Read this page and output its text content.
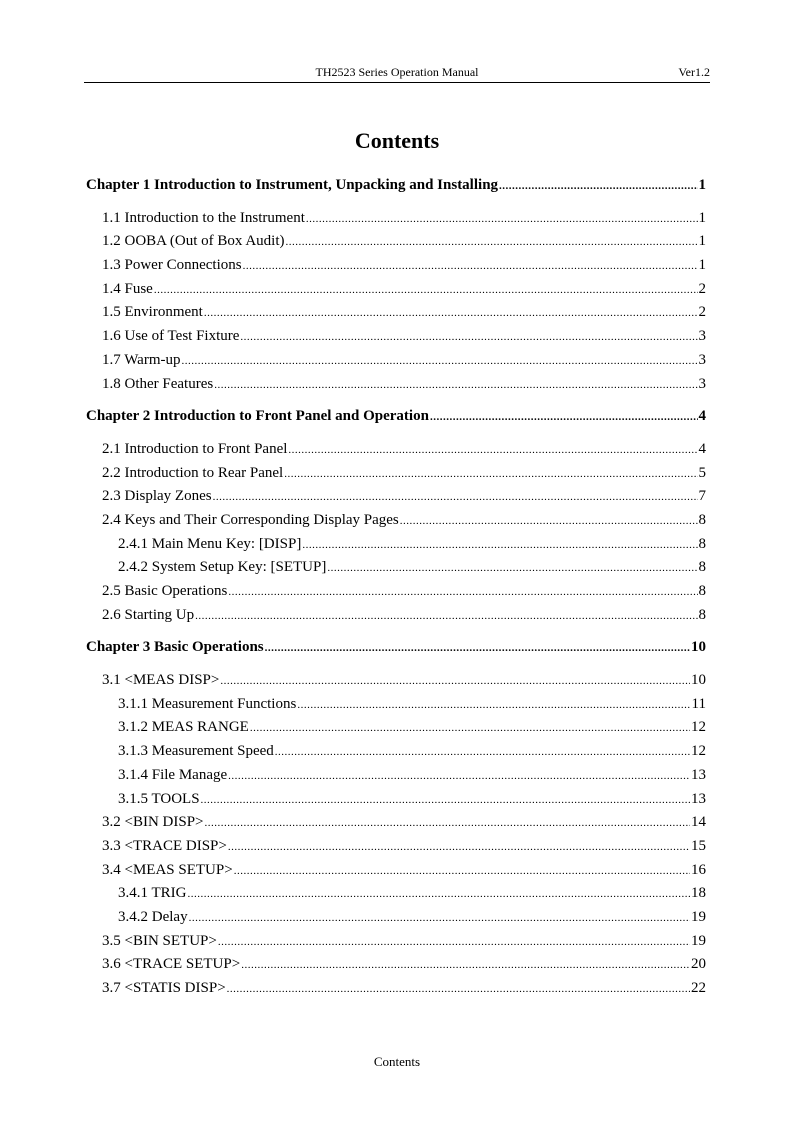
TH2523 Series Operation Manual	Ver1.2
Contents
Chapter 1 Introduction to Instrument, Unpacking and Installing .....	1
1.1 Introduction to the Instrument .....	1
1.2 OOBA (Out of Box Audit) .....	1
1.3 Power Connections .....	1
1.4 Fuse .....	2
1.5 Environment .....	2
1.6 Use of Test Fixture .....	3
1.7 Warm-up .....	3
1.8 Other Features .....	3
Chapter 2 Introduction to Front Panel and Operation .....	4
2.1 Introduction to Front Panel .....	4
2.2 Introduction to Rear Panel .....	5
2.3 Display Zones .....	7
2.4 Keys and Their Corresponding Display Pages .....	8
2.4.1 Main Menu Key: [DISP] .....	8
2.4.2 System Setup Key: [SETUP] .....	8
2.5 Basic Operations .....	8
2.6 Starting Up .....	8
Chapter 3 Basic Operations .....	10
3.1 <MEAS DISP> .....	10
3.1.1 Measurement Functions .....	11
3.1.2 MEAS RANGE .....	12
3.1.3 Measurement Speed .....	12
3.1.4 File Manage .....	13
3.1.5 TOOLS .....	13
3.2 <BIN DISP> .....	14
3.3 <TRACE DISP> .....	15
3.4 <MEAS SETUP> .....	16
3.4.1 TRIG .....	18
3.4.2 Delay .....	19
3.5 <BIN SETUP> .....	19
3.6 <TRACE SETUP> .....	20
3.7 <STATIS DISP> .....	22
Contents
